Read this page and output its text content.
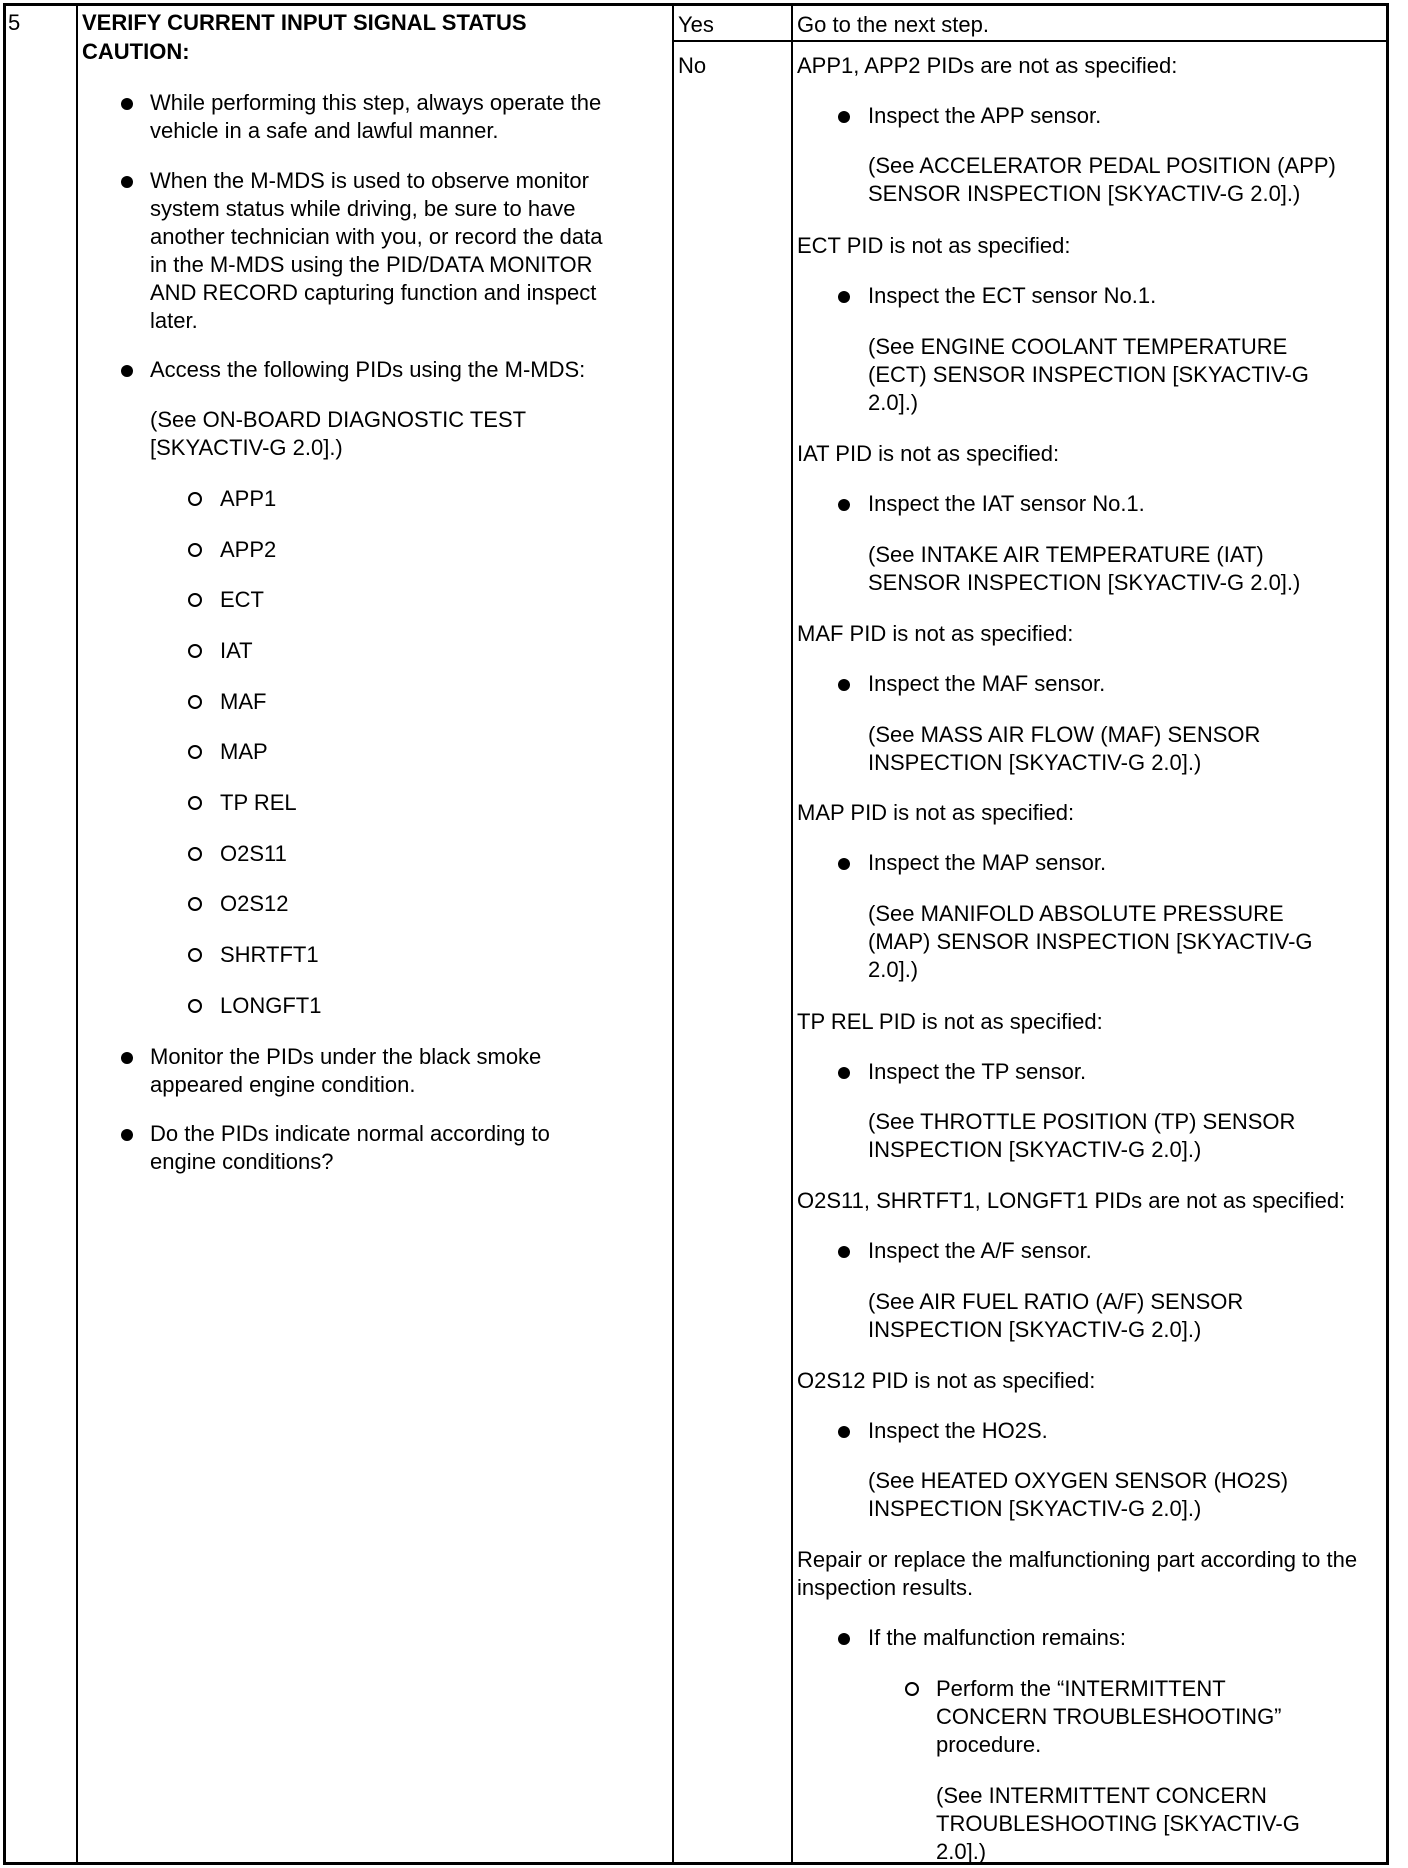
5	VERIFY CURRENT INPUT SIGNAL STATUS
CAUTION:
While performing this step, always operate the
vehicle in a safe and lawful manner.
When the M-MDS is used to observe monitor
system status while driving, be sure to have
another technician with you, or record the data
in the M-MDS using the PID/DATA MONITOR
AND RECORD capturing function and inspect
later.
Access the following PIDs using the M-MDS:
(See ON-BOARD DIAGNOSTIC TEST
[SKYACTIV-G 2.0].)
APP1
APP2
ECT
IAT
MAF
MAP
TP REL
O2S11
O2S12
SHRTFT1
LONGFT1
Monitor the PIDs under the black smoke
appeared engine condition.
Do the PIDs indicate normal according to
engine conditions?
Yes	Go to the next step.
No	APP1, APP2 PIDs are not as specified:
Inspect the APP sensor.
(See ACCELERATOR PEDAL POSITION (APP)
SENSOR INSPECTION [SKYACTIV-G 2.0].)
ECT PID is not as specified:
Inspect the ECT sensor No.1.
(See ENGINE COOLANT TEMPERATURE
(ECT) SENSOR INSPECTION [SKYACTIV-G
2.0].)
IAT PID is not as specified:
Inspect the IAT sensor No.1.
(See INTAKE AIR TEMPERATURE (IAT)
SENSOR INSPECTION [SKYACTIV-G 2.0].)
MAF PID is not as specified:
Inspect the MAF sensor.
(See MASS AIR FLOW (MAF) SENSOR
INSPECTION [SKYACTIV-G 2.0].)
MAP PID is not as specified:
Inspect the MAP sensor.
(See MANIFOLD ABSOLUTE PRESSURE
(MAP) SENSOR INSPECTION [SKYACTIV-G
2.0].)
TP REL PID is not as specified:
Inspect the TP sensor.
(See THROTTLE POSITION (TP) SENSOR
INSPECTION [SKYACTIV-G 2.0].)
O2S11, SHRTFT1, LONGFT1 PIDs are not as specified:
Inspect the A/F sensor.
(See AIR FUEL RATIO (A/F) SENSOR
INSPECTION [SKYACTIV-G 2.0].)
O2S12 PID is not as specified:
Inspect the HO2S.
(See HEATED OXYGEN SENSOR (HO2S)
INSPECTION [SKYACTIV-G 2.0].)
Repair or replace the malfunctioning part according to the
inspection results.
If the malfunction remains:
Perform the “INTERMITTENT
CONCERN TROUBLESHOOTING”
procedure.
(See INTERMITTENT CONCERN
TROUBLESHOOTING [SKYACTIV-G
2.0].)
